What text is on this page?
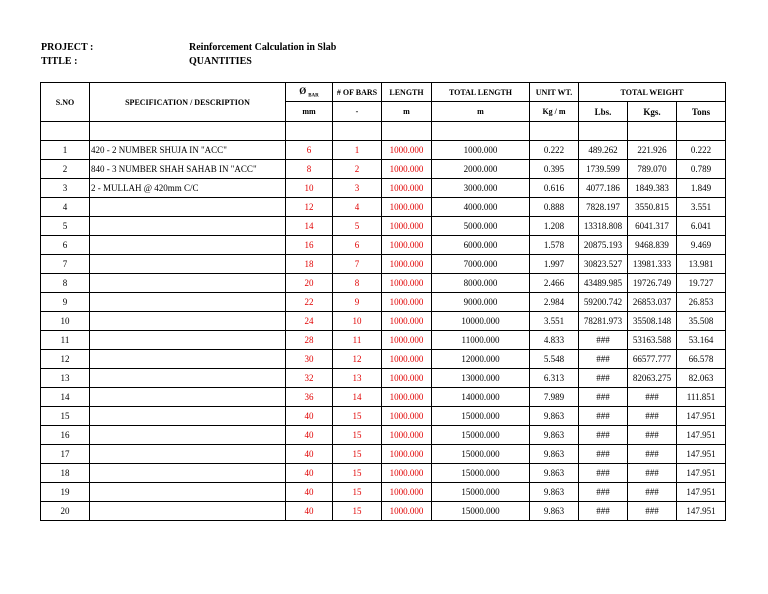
PROJECT :	Reinforcement Calculation in Slab
TITLE :	QUANTITIES
S.NO	SPECIFICATION / DESCRIPTION	Ø $_{BAR}$	# OF BARS	LENGTH	TOTAL LENGTH	UNIT WT.	TOTAL WEIGHT		
		mm	-	m	m	Kg / m	Lbs.	Kgs.	Tons

1	420 - 2 NUMBER SHUJA IN "ACC"	6	1	1000.000	1000.000	0.222	489.262	221.926	0.222
2	840 - 3 NUMBER SHAH SAHAB IN "ACC"	8	2	1000.000	2000.000	0.395	1739.599	789.070	0.789
3	2 - MULLAH @ 420mm C/C	10	3	1000.000	3000.000	0.616	4077.186	1849.383	1.849
4		12	4	1000.000	4000.000	0.888	7828.197	3550.815	3.551
5		14	5	1000.000	5000.000	1.208	13318.808	6041.317	6.041
6		16	6	1000.000	6000.000	1.578	20875.193	9468.839	9.469
7		18	7	1000.000	7000.000	1.997	30823.527	13981.333	13.981
8		20	8	1000.000	8000.000	2.466	43489.985	19726.749	19.727
9		22	9	1000.000	9000.000	2.984	59200.742	26853.037	26.853
10		24	10	1000.000	10000.000	3.551	78281.973	35508.148	35.508
11		28	11	1000.000	11000.000	4.833	###	53163.588	53.164
12		30	12	1000.000	12000.000	5.548	###	66577.777	66.578
13		32	13	1000.000	13000.000	6.313	###	82063.275	82.063
14		36	14	1000.000	14000.000	7.989	###	###	111.851
15		40	15	1000.000	15000.000	9.863	###	###	147.951
16		40	15	1000.000	15000.000	9.863	###	###	147.951
17		40	15	1000.000	15000.000	9.863	###	###	147.951
18		40	15	1000.000	15000.000	9.863	###	###	147.951
19		40	15	1000.000	15000.000	9.863	###	###	147.951
20		40	15	1000.000	15000.000	9.863	###	###	147.951
